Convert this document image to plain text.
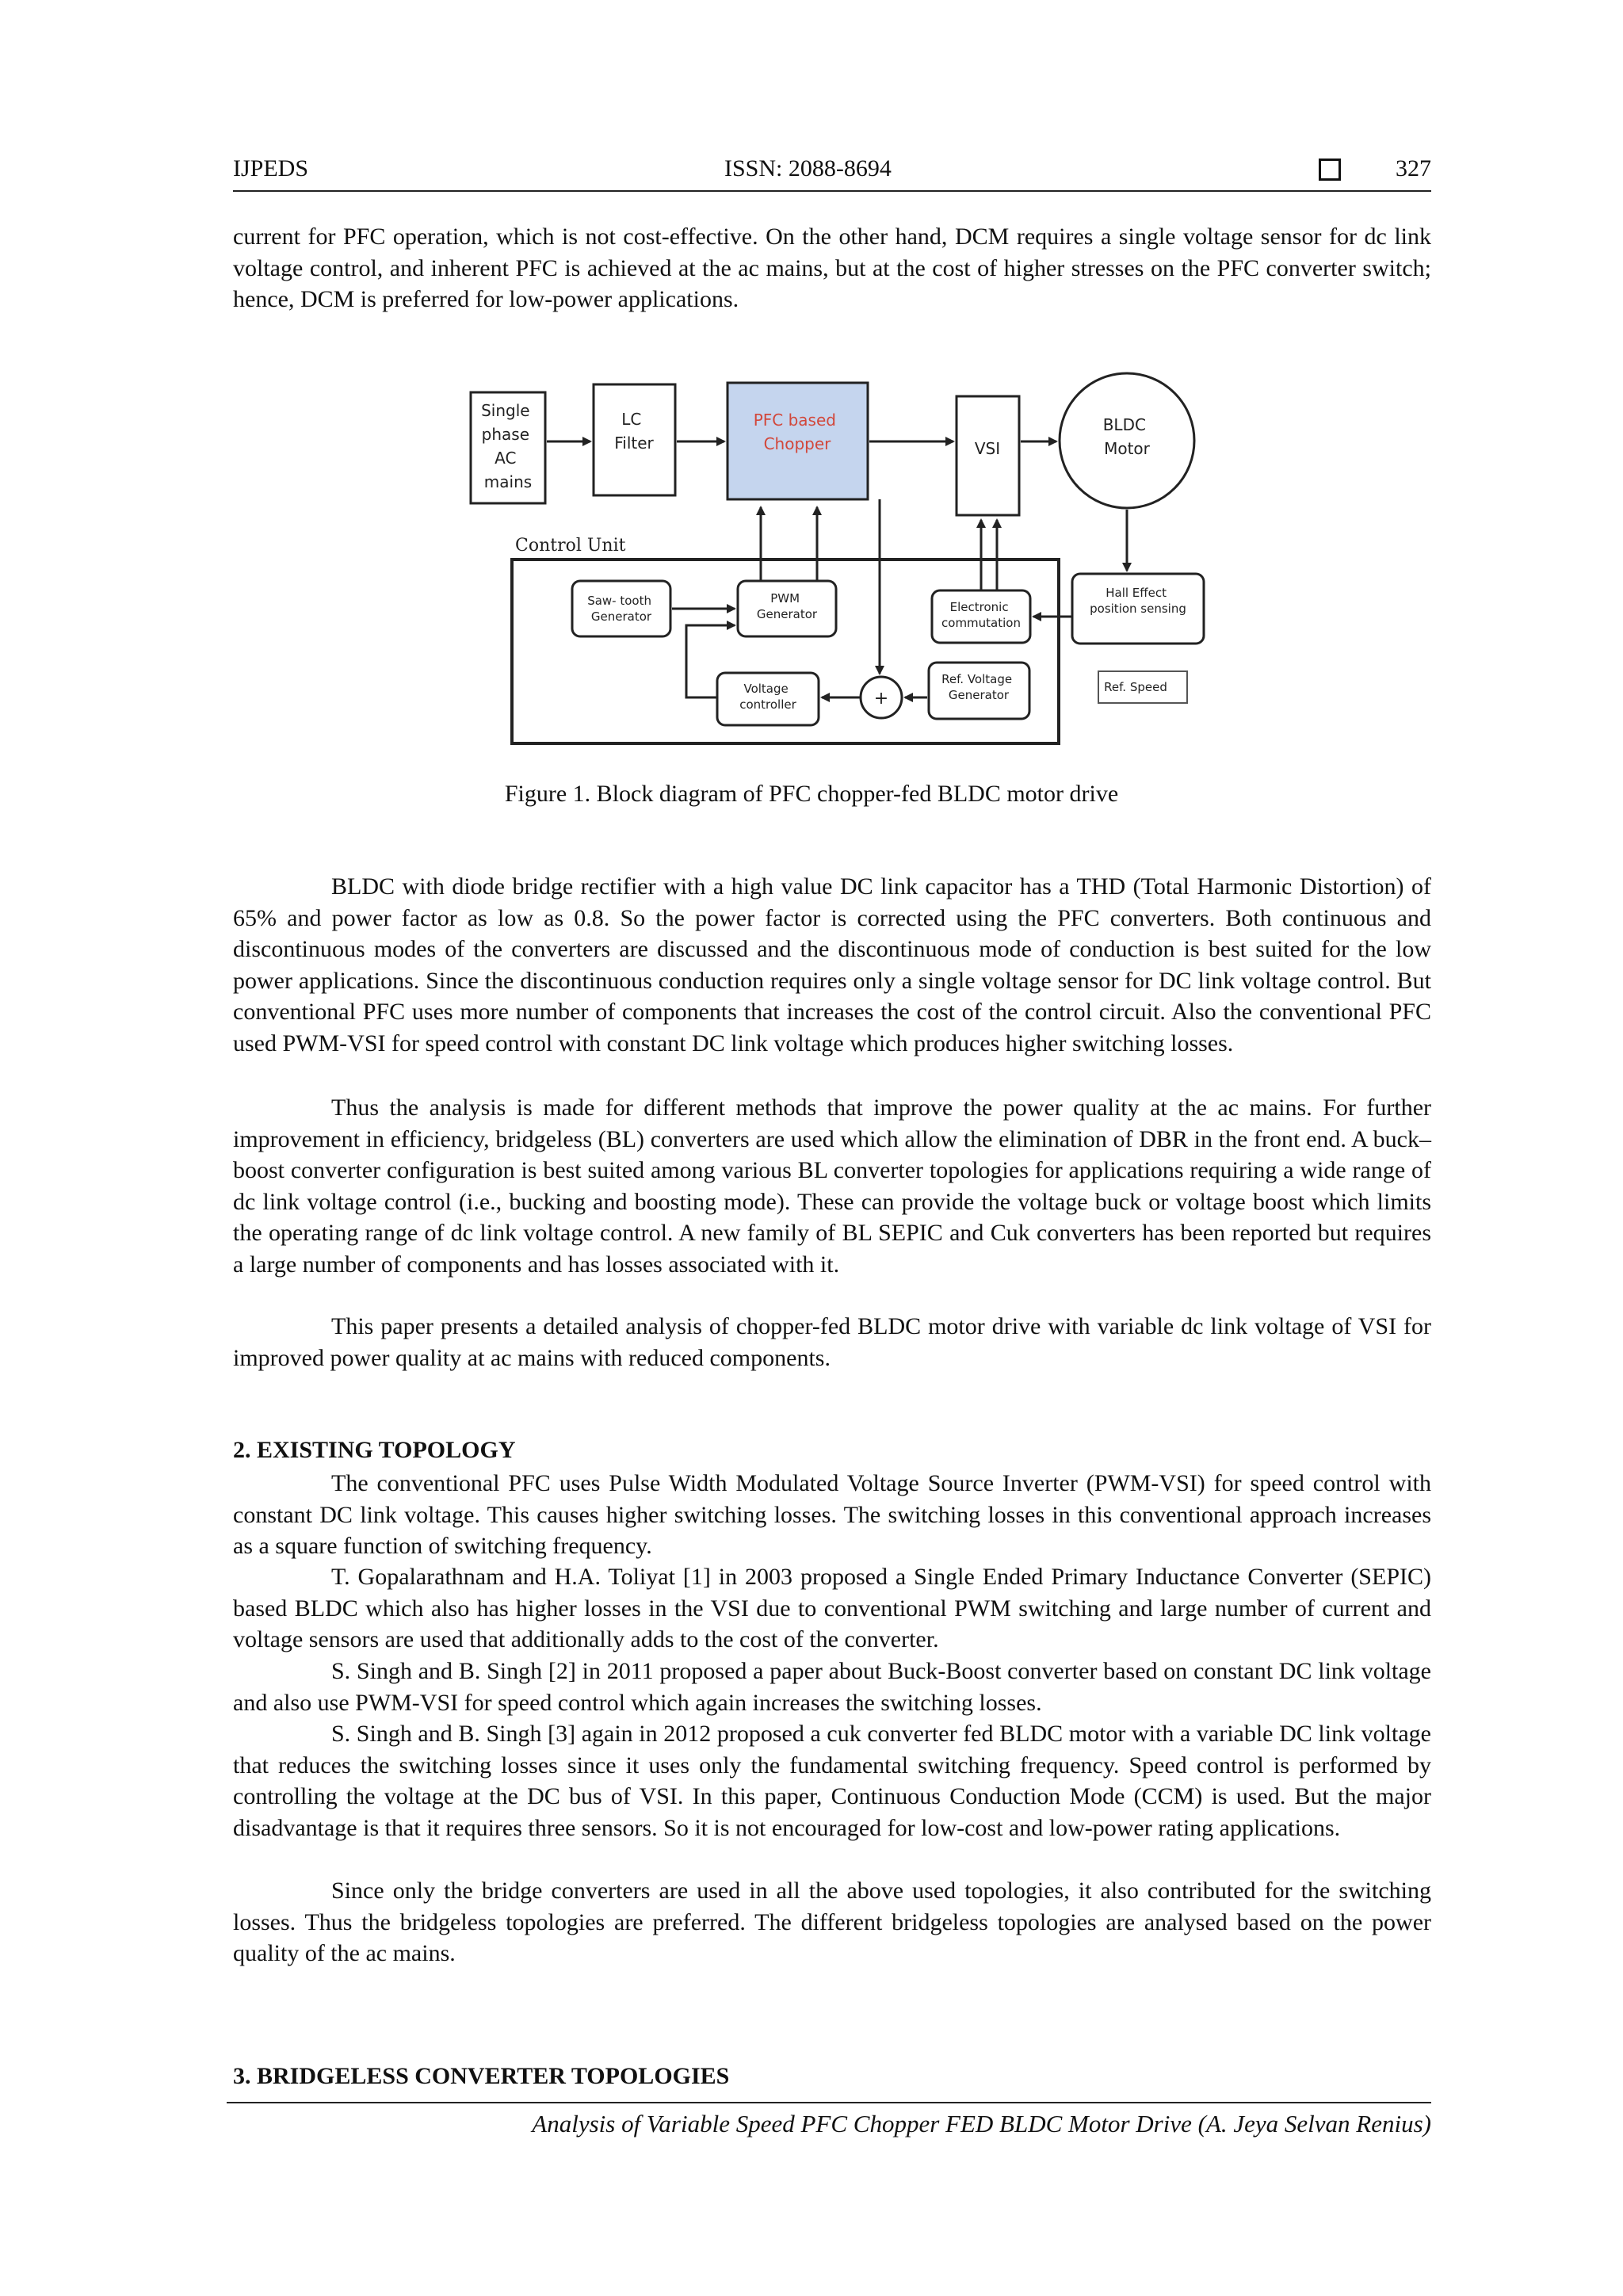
IJPEDS	ISSN: 2088-8694	327

current for PFC operation, which is not cost-effective. On the other hand, DCM requires a single voltage sensor for dc link voltage control, and inherent PFC is achieved at the ac mains, but at the cost of higher stresses on the PFC converter switch; hence, DCM is preferred for low-power applications.

Single phase AC mains
LC Filter
PFC based Chopper	VSI
BLDC Motor
Control Unit
Saw- tooth Generator
PWM Generator	Electronic commutation
Hall Effect position sensing
Voltage controller	+
Ref. Voltage Generator
Ref. Speed
Figure 1. Block diagram of PFC chopper-fed BLDC motor drive

BLDC with diode bridge rectifier with a high value DC link capacitor has a THD (Total Harmonic Distortion) of 65% and power factor as low as 0.8. So the power factor is corrected using the PFC converters. Both continuous and discontinuous modes of the converters are discussed and the discontinuous mode of conduction is best suited for the low power applications. Since the discontinuous conduction requires only a single voltage sensor for DC link voltage control. But conventional PFC uses more number of components that increases the cost of the control circuit. Also the conventional PFC used PWM-VSI for speed control with constant DC link voltage which produces higher switching losses.

Thus the analysis is made for different methods that improve the power quality at the ac mains. For further improvement in efficiency, bridgeless (BL) converters are used which allow the elimination of DBR in the front end. A buck–boost converter configuration is best suited among various BL converter topologies for applications requiring a wide range of dc link voltage control (i.e., bucking and boosting mode). These can provide the voltage buck or voltage boost which limits the operating range of dc link voltage control. A new family of BL SEPIC and Cuk converters has been reported but requires a large number of components and has losses associated with it.

This paper presents a detailed analysis of chopper-fed BLDC motor drive with variable dc link voltage of VSI for improved power quality at ac mains with reduced components.

2. EXISTING TOPOLOGY

The conventional PFC uses Pulse Width Modulated Voltage Source Inverter (PWM-VSI) for speed control with constant DC link voltage. This causes higher switching losses. The switching losses in this conventional approach increases as a square function of switching frequency.

T. Gopalarathnam and H.A. Toliyat [1] in 2003 proposed a Single Ended Primary Inductance Converter (SEPIC) based BLDC which also has higher losses in the VSI due to conventional PWM switching and large number of current and voltage sensors are used that additionally adds to the cost of the converter.

S. Singh and B. Singh [2] in 2011 proposed a paper about Buck-Boost converter based on constant DC link voltage and also use PWM-VSI for speed control which again increases the switching losses.

S. Singh and B. Singh [3] again in 2012 proposed a cuk converter fed BLDC motor with a variable DC link voltage that reduces the switching losses since it uses only the fundamental switching frequency. Speed control is performed by controlling the voltage at the DC bus of VSI. In this paper, Continuous Conduction Mode (CCM) is used. But the major disadvantage is that it requires three sensors. So it is not encouraged for low-cost and low-power rating applications.

Since only the bridge converters are used in all the above used topologies, it also contributed for the switching losses. Thus the bridgeless topologies are preferred. The different bridgeless topologies are analysed based on the power quality of the ac mains.

3. BRIDGELESS CONVERTER TOPOLOGIES
Analysis of Variable Speed PFC Chopper FED BLDC Motor Drive (A. Jeya Selvan Renius)
